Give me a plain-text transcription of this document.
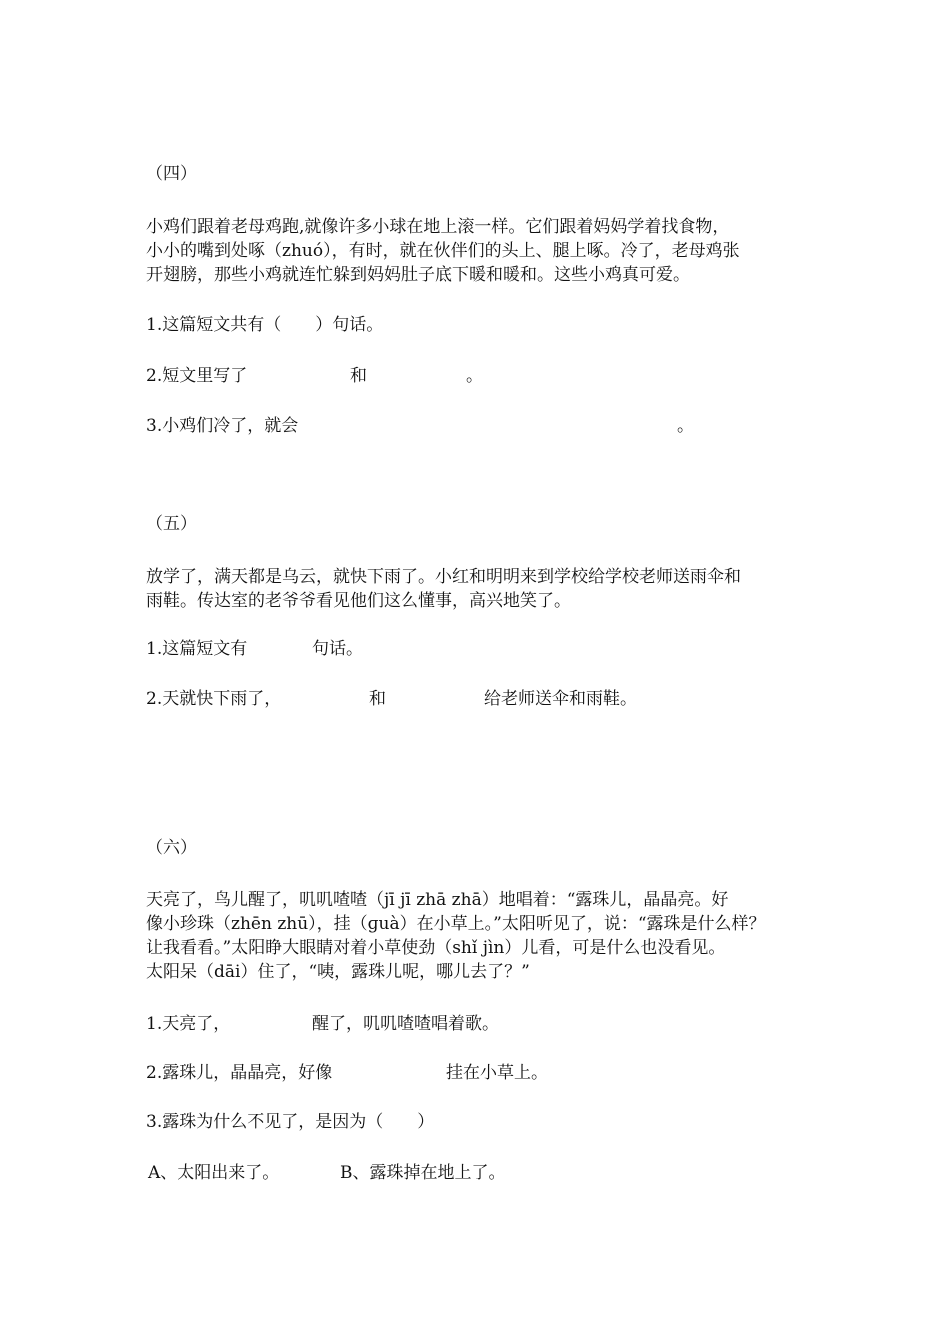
（四）

小鸡们跟着老母鸡跑,就像许多小球在地上滚一样。它们跟着妈妈学着找食物，
小小的嘴到处啄（zhuó），有时，就在伙伴们的头上、腿上啄。冷了，老母鸡张
开翅膀，那些小鸡就连忙躲到妈妈肚子底下暖和暖和。这些小鸡真可爱。

1.这篇短文共有（　　）句话。

2.短文里写了	和	。

3.小鸡们冷了，就会	。

（五）

放学了，满天都是乌云，就快下雨了。小红和明明来到学校给学校老师送雨伞和
雨鞋。传达室的老爷爷看见他们这么懂事，高兴地笑了。

1.这篇短文有	句话。

2.天就快下雨了，	和	给老师送伞和雨鞋。

（六）

天亮了，鸟儿醒了，叽叽喳喳（jī jī zhā zhā）地唱着：“露珠儿，晶晶亮。好
像小珍珠（zhēn zhū），挂（ɡuà）在小草上。”太阳听见了，说：“露珠是什么样？
让我看看。”太阳睁大眼睛对着小草使劲（shǐ jìn）儿看，可是什么也没看见。
太阳呆（dāi）住了，“咦，露珠儿呢，哪儿去了？”

1.天亮了，	醒了，叽叽喳喳唱着歌。

2.露珠儿，晶晶亮，好像	挂在小草上。

3.露珠为什么不见了，是因为（　　）

A、太阳出来了。	B、露珠掉在地上了。
